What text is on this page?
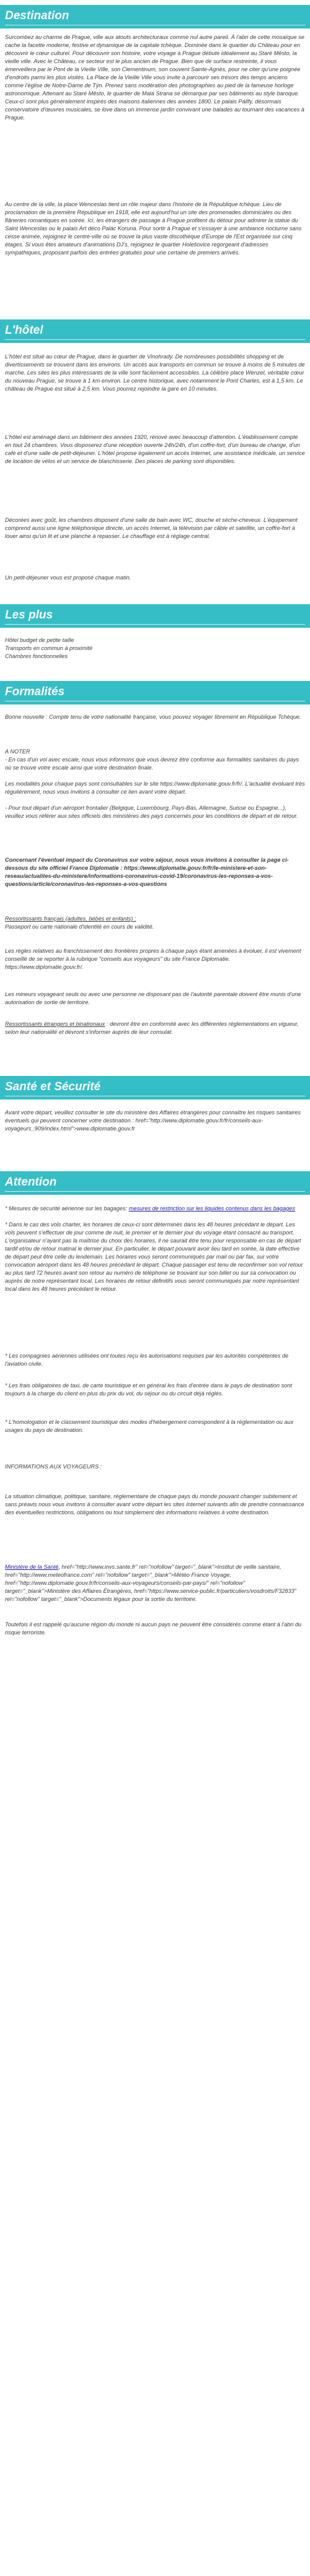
Destination

Surcombez au charme de Prague, ville aux atouts architecturaux comme nul autre pareil. À l'abri de cette mosaïque se cache la facette moderne, festive et dynamique de la capitale tchèque. Dominée dans le quartier du Château pour en découvrir le cœur culturel. Pour découvrir son histoire, votre voyage à Prague débute idéalement au Staré Město, la vieille ville. Avec le Château, ce secteur est le plus ancien de Prague. Bien que de surface restreinte, il vous émerveillera par le Pont de la Vieille Ville, son Clementinum, son couvent Sainte-Agnès, pour ne citer qu'une poignée d'endroits parmi les plus visités. La Place de la Vieille Ville vous invite à parcourir ses trésors des temps anciens comme l'église de Notre-Dame de Týn. Prenez sans modération des photographies au pied de la fameuse horloge astronomique. Attenant au Staré Město, le quartier de Malá Strana se démarque par ses bâtiments au style baroque. Ceux-ci sont plus généralement inspirés des maisons italiennes des années 1800. Le palais Pállfy, désormais conservatoire d'œuvres musicales, se love dans un immense jardin convivant une balades au tournant des vacances à Prague.

Au centre de la ville, la place Wenceslas tient un rôle majeur dans l'histoire de la République tchèque. Lieu de proclamation de la première République en 1918, elle est aujourd'hui un site des promenades dominicales ou des flâneries romantiques en soirée. Ici, les étrangers de passage à Prague profitent du détour pour admirer la statue du Saint Wenceslas ou le palais Art déco Palác Koruna. Pour sortir à Prague et s'essayer à une ambiance nocturne sans cesse animée, rejoignez le centre-ville où se trouve la plus vaste discothèque d'Europe de l'Est organisée sur cinq étages. Si vous êtes amateurs d'animations DJ's, rejoignez le quartier Holešovice regorgeant d'adresses sympathiques, proposant parfois des entrées gratuites pour une certaine de premiers arrivés.

L'hôtel

L'hôtel est situé au cœur de Prague, dans le quartier de Vinohrady. De nombreuses possibilités shopping et de divertissements se trouvent dans les environs. Un accès aux transports en commun se trouve à moins de 5 minutes de marche. Les sites les plus intéressants de la ville sont facilement accessibles. La célèbre place Wenzel, véritable cœur du nouveau Prague, se trouve à 1 km environ. Le centre historique, avec notamment le Pont Charles, est à 1,5 km. Le château de Prague est situé à 2,5 km. Vous pourrez rejoindre la gare en 10 minutes.

L'hôtel est aménagé dans un bâtiment des années 1920, rénové avec beaucoup d'attention. L'établissement compte en tout 24 chambres. Vous disposerez d'une réception ouverte 24h/24h, d'un coffre-fort, d'un bureau de change, d'un café et d'une salle de petit-déjeuner. L'hôtel propose également un accès Internet, une assistance médicale, un service de location de vélos et un service de blanchisserie. Des places de parking sont disponibles.

Décorées avec goût, les chambres disposent d'une salle de bain avec WC, douche et sèche-cheveux. L'équipement comprend aussi une ligne téléphonique directe, un accès Internet, la télévision par câble et satellite, un coffre-fort à louer ainsi qu'un lit et une planche à repasser. Le chauffage est à réglage central.

Un petit-déjeuner vous est proposé chaque matin.

Les plus
Hôtel budget de petite taille
Transports en commun à proximité
Chambres fonctionnelles
Formalités

Bonne nouvelle : Compte tenu de votre nationalité française, vous pouvez voyager librement en République Tchèque.

A NOTER

- En cas d'un vol avec escale, nous vous informons que vous devrez être conforme aux formalités sanitaires du pays où se trouve votre escale ainsi que votre destination finale.

Les modalités pour chaque pays sont consultables sur le site https://www.diplomatie.gouv.fr/fr/. L'actualité évoluant très régulièrement, nous vous invitons à consulter ce lien avant votre départ.

- Pour tout départ d'un aéroport frontalier (Belgique, Luxembourg, Pays-Bas, Allemagne, Suisse ou Espagne...), veuillez vous référer aux sites officiels des ministères des pays concernés pour les conditions de départ et de retour.

Concernant l'éventuel impact du Coronavirus sur votre séjour, nous vous invitons à consulter la page ci-dessous du site officiel France Diplomatie : https://www.diplomatie.gouv.fr/fr/le-ministere-et-son-reseau/actualites-du-ministere/informations-coronavirus-covid-19/coronavirus-les-reponses-a-vos-questions/article/coronavirus-les-reponses-a-vos-questions

Ressortissants français (adultes, bébés et enfants) :
Passeport ou carte nationale d'identité en cours de validité.

Les règles relatives au franchissement des frontières propres à chaque pays étant amenées à évoluer, il est vivement conseillé de se reporter à la rubrique "conseils aux voyageurs" du site France Diplomatie. https://www.diplomatie.gouv.fr/.

Les mineurs voyageant seuls ou avec une personne ne disposant pas de l'autorité parentale doivent être munis d'une autorisation de sortie de territoire.

Ressortissants étrangers et binationaux : devront être en conformité avec les différentes réglementations en vigueur, selon leur nationalité et devront s'informer auprès de leur consulat.

Santé et Sécurité

Avant votre départ, veuillez consulter le site du ministère des Affaires étrangères pour connaître les risques sanitaires éventuels qui peuvent concerner votre destination : href="http://www.diplomatie.gouv.fr/fr/conseils-aux-voyageurs_909/index.html">www.diplomatie.gouv.fr

Attention

* Mesures de sécurité aérienne sur les bagages: mesures de restriction sur les liquides contenus dans les bagages

* Dans le cas des vols charter, les horaires de ceux-ci sont déterminés dans les 48 heures précédant le départ. Les vols peuvent s'effectuer de jour comme de nuit, le premier et le dernier jour du voyage étant consacré au transport. L'organisateur n'ayant pas la maîtrise du choix des horaires, il ne saurait être tenu pour responsable en cas de départ tardif et/ou de retour matinal le dernier jour. En particulier, le départ pouvant avoir lieu tard en soirée, la date effective de départ peut être celle du lendemain. Les horaires vous seront communiqués par mail ou par fax, sur votre convocation aéroport dans les 48 heures précédant le départ. Chaque passager est tenu de reconfirmer son vol retour au plus tard 72 heures avant son retour au numéro de téléphone se trouvant sur son billet ou sur sa convocation ou auprès de notre représentant local. Les horaires de retour définitifs vous seront communiqués par notre représentant local dans les 48 heures précédant le retour.

* Les compagnies aériennes utilisées ont toutes reçu les autorisations requises par les autorités compétentes de l'aviation civile.

* Les frais obligatoires de taxi, de carte touristique et en général les frais d'entrée dans le pays de destination sont toujours à la charge du client en plus du prix du vol, du séjour ou du circuit déjà réglés.

* L'homologation et le classement touristique des modes d'hébergement correspondent à la réglementation ou aux usages du pays de destination.

INFORMATIONS AUX VOYAGEURS :

La situation climatique, politique, sanitaire, réglementaire de chaque pays du monde pouvant changer subitement et sans préavis nous vous invitons à consulter avant votre départ les sites Internet suivants afin de prendre connaissance des éventuelles restrictions, obligations ou tout simplement des informations relatives à votre destination.

Ministère de la Santé, href="http://www.invs.sante.fr" rel="nofollow" target="_blank">Institut de veille sanitaire, href="http://www.meteofrance.com" rel="nofollow" target="_blank">Météo France Voyage, href="http://www.diplomatie.gouv.fr/fr/conseils-aux-voyageurs/conseils-par-pays/" rel="nofollow" target="_blank">Ministère des Affaires Étrangères, href="https://www.service-public.fr/particuliers/vosdroits/F32833" rel="nofollow" target="_blank">Documents légaux pour la sortie du territoire.

Toutefois il est rappelé qu'aucune région du monde ni aucun pays ne peuvent être considérés comme étant à l'abri du risque terroriste.
